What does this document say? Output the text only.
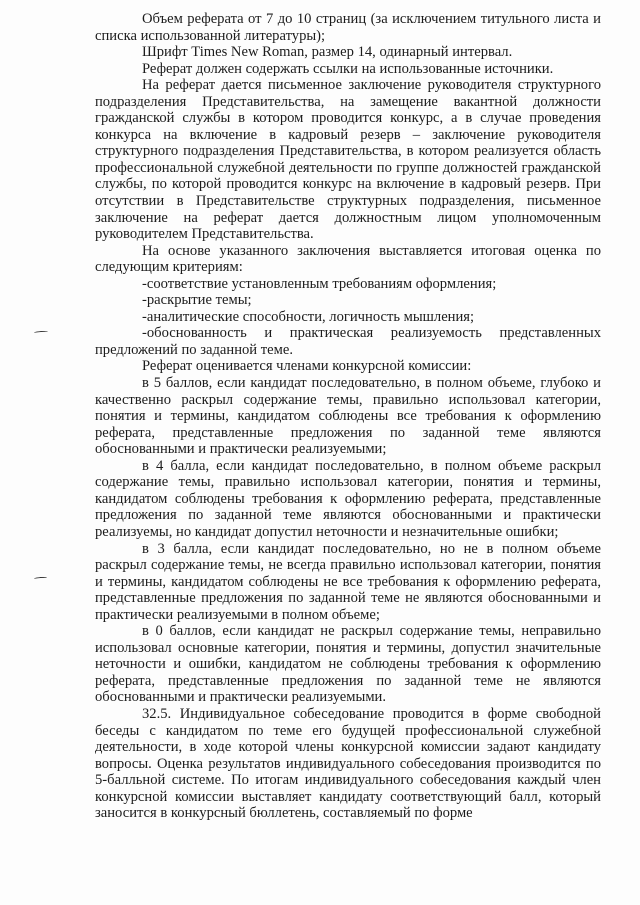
Объем реферата от 7 до 10 страниц (за исключением титульного листа и списка использованной литературы);

Шрифт Times New Roman, размер 14, одинарный интервал.

Реферат должен содержать ссылки на использованные источники.

На реферат дается письменное заключение руководителя структурного подразделения Представительства, на замещение вакантной должности гражданской службы в котором проводится конкурс, а в случае проведения конкурса на включение в кадровый резерв – заключение руководителя структурного подразделения Представительства, в котором реализуется область профессиональной служебной деятельности по группе должностей гражданской службы, по которой проводится конкурс на включение в кадровый резерв. При отсутствии в Представительстве структурных подразделения, письменное заключение на реферат дается должностным лицом уполномоченным руководителем Представительства.

На основе указанного заключения выставляется итоговая оценка по следующим критериям:

-соответствие установленным требованиям оформления;

-раскрытие темы;

-аналитические способности, логичность мышления;

-обоснованность и практическая реализуемость представленных предложений по заданной теме.

Реферат оценивается членами конкурсной комиссии:

в 5 баллов, если кандидат последовательно, в полном объеме, глубоко и качественно раскрыл содержание темы, правильно использовал категории, понятия и термины, кандидатом соблюдены все требования к оформлению реферата, представленные предложения по заданной теме являются обоснованными и практически реализуемыми;

в 4 балла, если кандидат последовательно, в полном объеме раскрыл содержание темы, правильно использовал категории, понятия и термины, кандидатом соблюдены требования к оформлению реферата, представленные предложения по заданной теме являются обоснованными и практически реализуемы, но кандидат допустил неточности и незначительные ошибки;

в 3 балла, если кандидат последовательно, но не в полном объеме раскрыл содержание темы, не всегда правильно использовал категории, понятия и термины, кандидатом соблюдены не все требования к оформлению реферата, представленные предложения по заданной теме не являются обоснованными и практически реализуемыми в полном объеме;

в 0 баллов, если кандидат не раскрыл содержание темы, неправильно использовал основные категории, понятия и термины, допустил значительные неточности и ошибки, кандидатом не соблюдены требования к оформлению реферата, представленные предложения по заданной теме не являются обоснованными и практически реализуемыми.

32.5. Индивидуальное собеседование проводится в форме свободной беседы с кандидатом по теме его будущей профессиональной служебной деятельности, в ходе которой члены конкурсной комиссии задают кандидату вопросы. Оценка результатов индивидуального собеседования производится по 5-балльной системе. По итогам индивидуального собеседования каждый член конкурсной комиссии выставляет кандидату соответствующий балл, который заносится в конкурсный бюллетень, составляемый по форме
